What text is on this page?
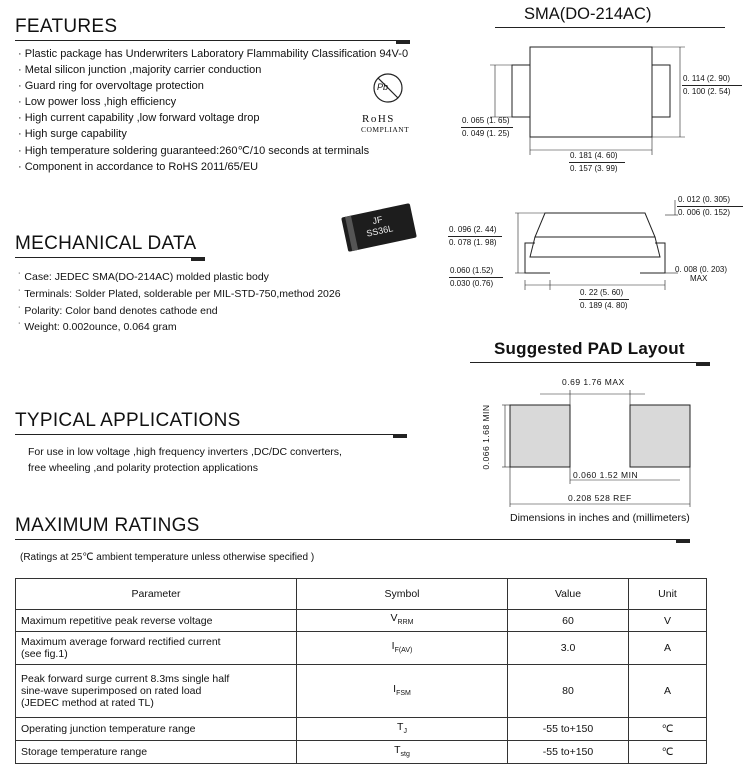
FEATURES
· Plastic package has Underwriters Laboratory Flammability Classification 94V-0
· Metal silicon junction ,majority carrier conduction
· Guard ring for overvoltage protection
· Low power loss ,high efficiency
· High current capability ,low forward voltage drop
· High surge capability
· High temperature soldering guaranteed:260℃/10 seconds at terminals
· Component in accordance to RoHS 2011/65/EU
Pb
RoHS
COMPLIANT
SMA(DO-214AC)
0. 114 (2. 90)
0. 100 (2. 54)
0. 065 (1. 65)
0. 049 (1. 25)
0. 181 (4. 60)
0. 157 (3. 99)
0. 012 (0. 305)
0. 006 (0. 152)
0. 096 (2. 44)
0. 078 (1. 98)
0.060 (1.52)
0.030 (0.76)
0. 008 (0. 203)
MAX
0. 22 (5. 60)
0. 189 (4. 80)
JF
SS36L
MECHANICAL DATA
˙ Case: JEDEC SMA(DO-214AC) molded plastic body
˙ Terminals: Solder Plated, solderable per MIL-STD-750,method 2026
˙ Polarity: Color band denotes cathode end
˙ Weight: 0.002ounce, 0.064 gram
Suggested PAD Layout
0.69 1.76 MAX
0.066 1.68 MIN
0.060 1.52 MIN
0.208 528 REF
Dimensions in inches and (millimeters)
TYPICAL APPLICATIONS
For use in low voltage ,high frequency inverters ,DC/DC converters,
free wheeling ,and polarity protection applications
MAXIMUM RATINGS
(Ratings at 25℃ ambient temperature unless otherwise specified )
Parameter	Symbol	Value	Unit

Maximum repetitive peak reverse voltage	$V_{RRM}$	60	V

Maximum average forward rectified current
(see fig.1)	$I_{F(AV)}$	3.0	A

Peak forward surge current 8.3ms single half
sine-wave superimposed on rated load
(JEDEC method at rated TL)	$I_{FSM}$	80	A

Operating junction temperature range	$T_J$	-55 to+150	℃

Storage temperature range	$T_{stg}$	-55 to+150	℃
